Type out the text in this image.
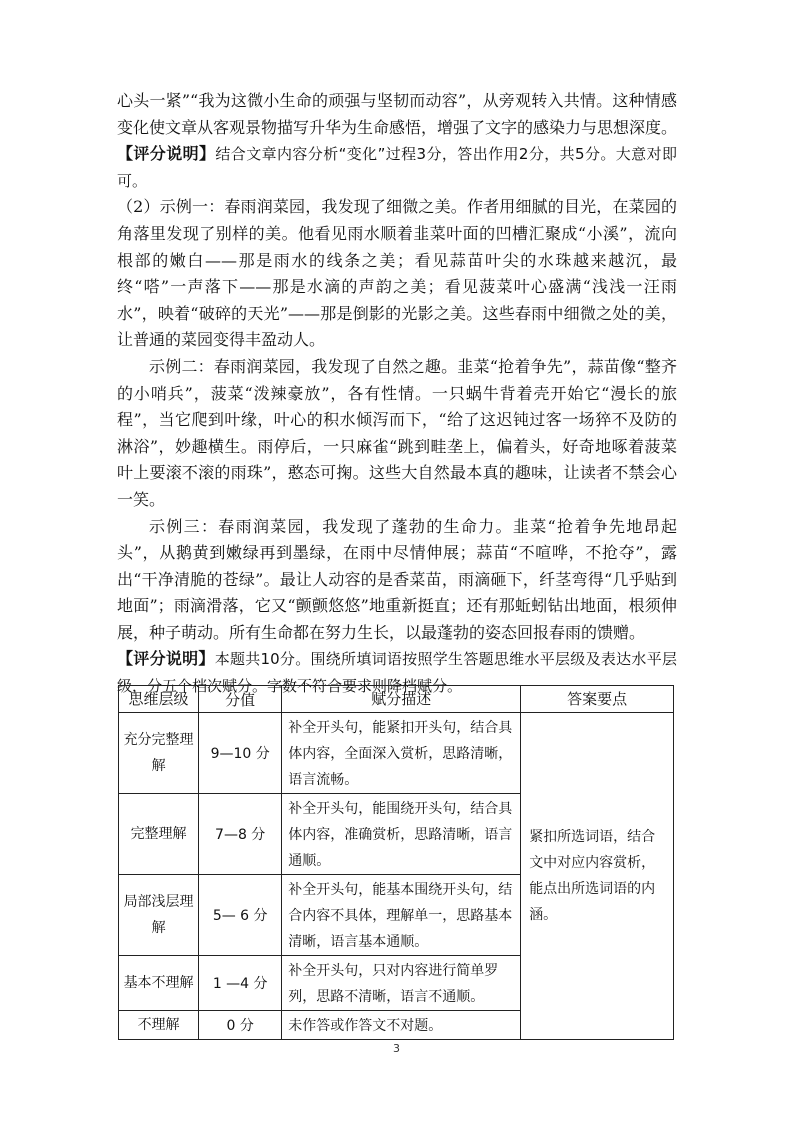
心头一紧”“我为这微小生命的顽强与坚韧而动容”，从旁观转入共情。这种情感变化使文章从客观景物描写升华为生命感悟，增强了文字的感染力与思想深度。

【评分说明】结合文章内容分析“变化”过程3分，答出作用2分，共5分。大意对即可。

（2）示例一：春雨润菜园，我发现了细微之美。作者用细腻的目光，在菜园的角落里发现了别样的美。他看见雨水顺着韭菜叶面的凹槽汇聚成“小溪”，流向根部的嫩白——那是雨水的线条之美；看见蒜苗叶尖的水珠越来越沉，最终“嗒”一声落下——那是水滴的声韵之美；看见菠菜叶心盛满“浅浅一汪雨水”，映着“破碎的天光”——那是倒影的光影之美。这些春雨中细微之处的美，让普通的菜园变得丰盈动人。

示例二：春雨润菜园，我发现了自然之趣。韭菜“抢着争先”，蒜苗像“整齐的小哨兵”，菠菜“泼辣豪放”，各有性情。一只蜗牛背着壳开始它“漫长的旅程”，当它爬到叶缘，叶心的积水倾泻而下，“给了这迟钝过客一场猝不及防的淋浴”，妙趣横生。雨停后，一只麻雀“跳到畦垄上，偏着头，好奇地啄着菠菜叶上要滚不滚的雨珠”，憨态可掬。这些大自然最本真的趣味，让读者不禁会心一笑。

示例三：春雨润菜园，我发现了蓬勃的生命力。韭菜“抢着争先地昂起头”，从鹅黄到嫩绿再到墨绿，在雨中尽情伸展；蒜苗“不喧哗，不抢夺”，露出“干净清脆的苍绿”。最让人动容的是香菜苗，雨滴砸下，纤茎弯得“几乎贴到地面”；雨滴滑落，它又“颤颤悠悠”地重新挺直；还有那蚯蚓钻出地面，根须伸展，种子萌动。所有生命都在努力生长，以最蓬勃的姿态回报春雨的馈赠。

【评分说明】本题共10分。围绕所填词语按照学生答题思维水平层级及表达水平层级，分五个档次赋分。字数不符合要求则降档赋分。

思维层级	分值	赋分描述	答案要点
充分完整理解	9—10 分	补全开头句，能紧扣开头句，结合具体内容，全面深入赏析，思路清晰，语言流畅。	紧扣所选词语，结合文中对应内容赏析，能点出所选词语的内涵。
完整理解	7—8 分	补全开头句，能围绕开头句，结合具体内容，准确赏析，思路清晰，语言通顺。	
局部浅层理解	5— 6 分	补全开头句，能基本围绕开头句，结合内容不具体，理解单一，思路基本清晰，语言基本通顺。	
基本不理解	1 —4 分	补全开头句，只对内容进行简单罗列，思路不清晰，语言不通顺。	
不理解	0 分	未作答或作答文不对题。	
3
